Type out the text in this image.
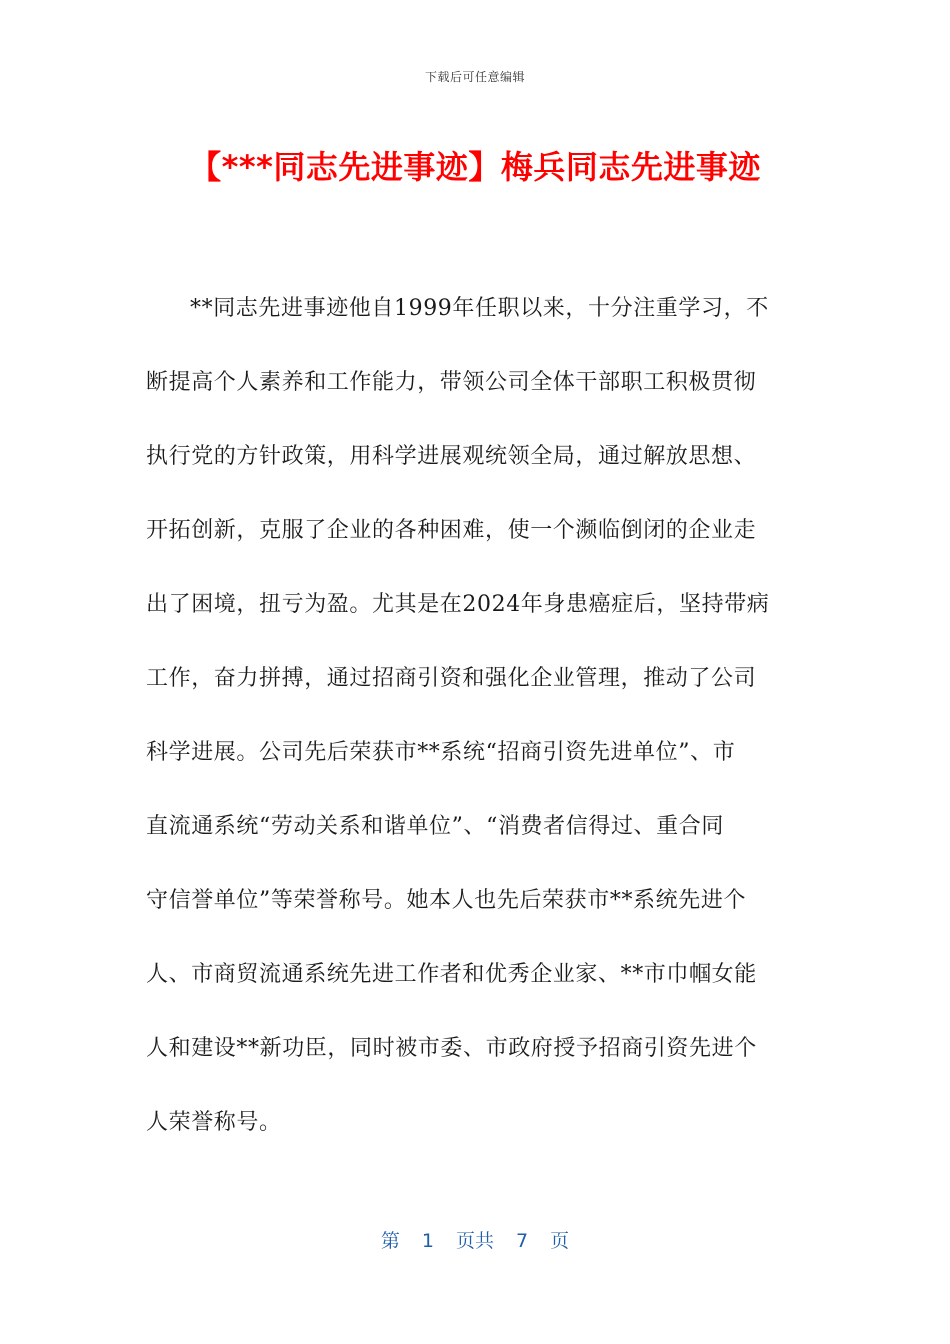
下载后可任意编辑
【***同志先进事迹】梅兵同志先进事迹
**同志先进事迹他自1999年任职以来，十分注重学习，不
断提高个人素养和工作能力，带领公司全体干部职工积极贯彻
执行党的方针政策，用科学进展观统领全局，通过解放思想、
开拓创新，克服了企业的各种困难，使一个濒临倒闭的企业走
出了困境，扭亏为盈。尤其是在2024年身患癌症后，坚持带病
工作，奋力拼搏，通过招商引资和强化企业管理，推动了公司
科学进展。公司先后荣获市**系统“招商引资先进单位”、市
直流通系统“劳动关系和谐单位”、“消费者信得过、重合同
守信誉单位”等荣誉称号。她本人也先后荣获市**系统先进个
人、市商贸流通系统先进工作者和优秀企业家、**市巾帼女能
人和建设**新功臣，同时被市委、市政府授予招商引资先进个
人荣誉称号。
第 1 页共 7 页
